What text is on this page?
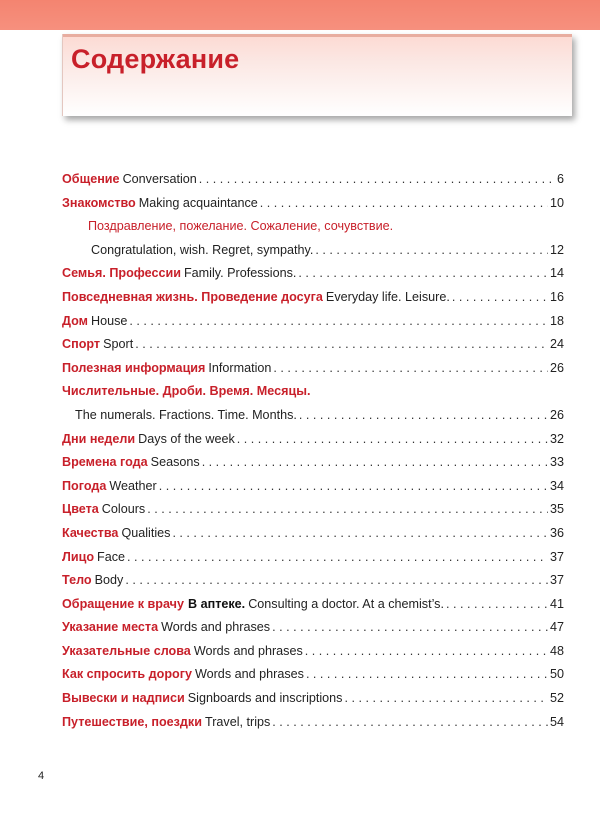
Содержание
Общение Conversation . . .	6
Знакомство Making acquaintance . . .	10
Поздравление, пожелание. Сожаление, сочувствие.
Congratulation, wish. Regret, sympathy. . . .	12
Семья. Профессии Family. Professions. . . .	14
Повседневная жизнь. Проведение досуга Everyday life. Leisure. . . .	16
Дом House . . .	18
Спорт Sport . . .	24
Полезная информация Information . . .	26
Числительные. Дроби. Время. Месяцы.
The numerals. Fractions. Time. Months. . . .	26
Дни недели Days of the week . . .	32
Времена года Seasons . . .	33
Погода Weather . . .	34
Цвета Colours . . .	35
Качества Qualities . . .	36
Лицо Face . . .	37
Тело Body . . .	37
Обращение к врачу В аптеке. Consulting a doctor. At a chemist’s. . . .	41
Указание места Words and phrases . . .	47
Указательные слова Words and phrases . . .	48
Как спросить дорогу Words and phrases . . .	50
Вывески и надписи Signboards and inscriptions . . .	52
Путешествие, поездки Travel, trips . . .	54
4
